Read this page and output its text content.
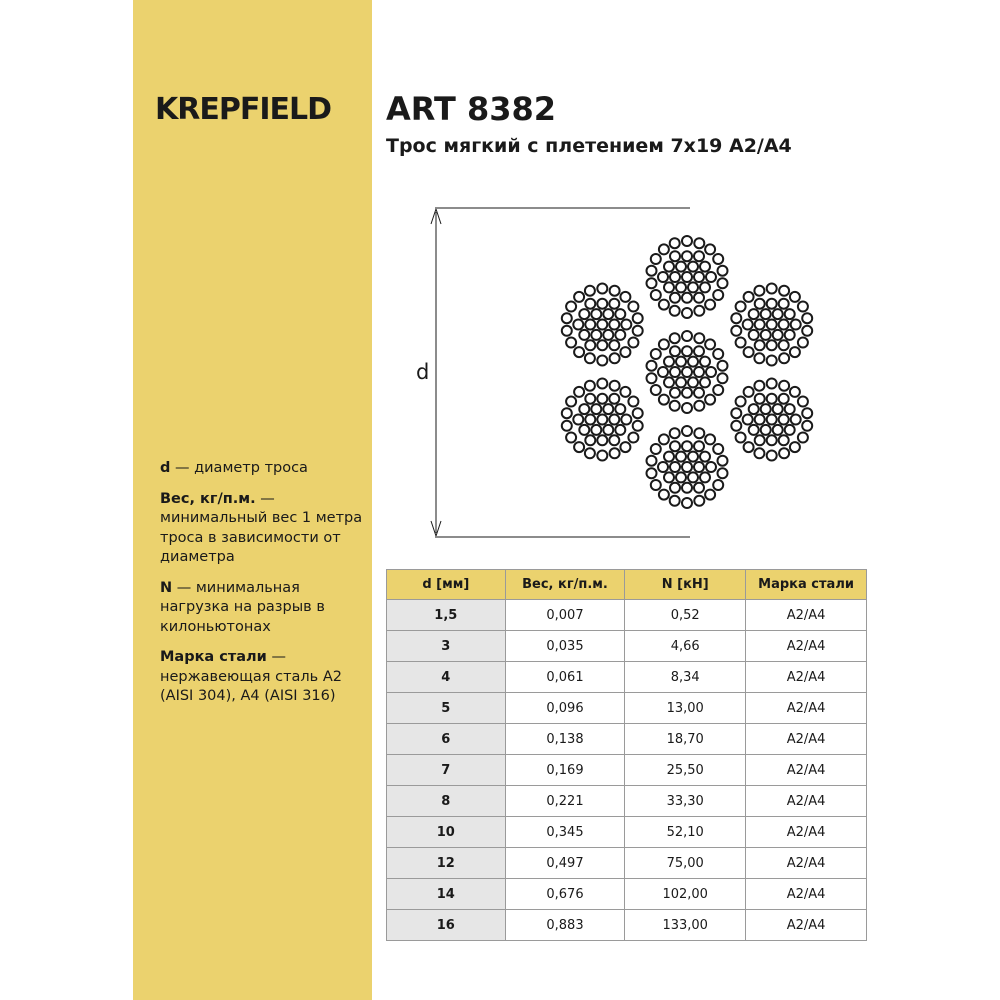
KREPFIELD ART 8382
Трос мягкий с плетением 7х19 А2/А4
d
d — диаметр троса
Вес, кг/п.м. — минимальный вес 1 метра троса в зависимости от диаметра
N — минимальная нагрузка на разрыв в килоньютонах
Марка стали — нержавеющая сталь А2 (AISI 304), А4 (AISI 316)
d [мм]	Вес, кг/п.м.	N [кН]	Марка стали
1,5	0,007	0,52	А2/А4
3	0,035	4,66	А2/А4
4	0,061	8,34	А2/А4
5	0,096	13,00	А2/А4
6	0,138	18,70	А2/А4
7	0,169	25,50	А2/А4
8	0,221	33,30	А2/А4
10	0,345	52,10	А2/А4
12	0,497	75,00	А2/А4
14	0,676	102,00	А2/А4
16	0,883	133,00	А2/А4
